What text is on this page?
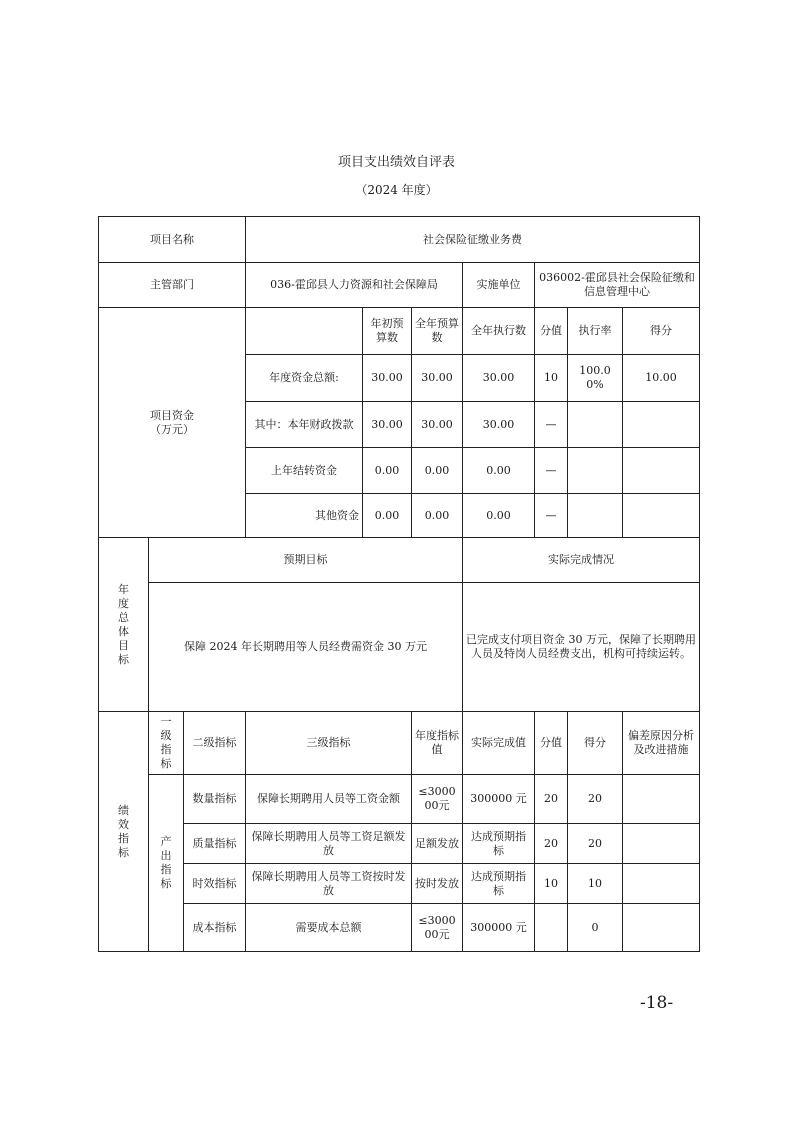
项目支出绩效自评表
（2024 年度）
项目名称			社会保险征缴业务费						
主管部门			036-霍邱县人力资源和社会保障局			实施单位	036002-霍邱县社会保险征缴和信息管理中心		

项目资金
（万元）				年初预算数	全年预算数	全年执行数	分值	执行率	得分
			年度资金总额:	30.00	30.00	30.00	10	100.00%	10.00
			其中：本年财政拨款	30.00	30.00	30.00	—		
			上年结转资金	0.00	0.00	0.00	—		
			其他资金	0.00	0.00	0.00	—		

年度总体目标	预期目标					实际完成情况			
	保障 2024 年长期聘用等人员经费需资金 30 万元					已完成支付项目资金 30 万元，保障了长期聘用人员及特岗人员经费支出，机构可持续运转。			

绩效指标	一级指标	二级指标	三级指标		年度指标值	实际完成值	分值	得分	偏差原因分析及改进措施

	产出指标	数量指标	保障长期聘用人员等工资金额		≤300000元	300000 元	20	20	
		质量指标	保障长期聘用人员等工资足额发放		足额发放	达成预期指标	20	20	
		时效指标	保障长期聘用人员等工资按时发放		按时发放	达成预期指标	10	10	
		成本指标	需要成本总额		≤300000元	300000 元		0	
-18-
